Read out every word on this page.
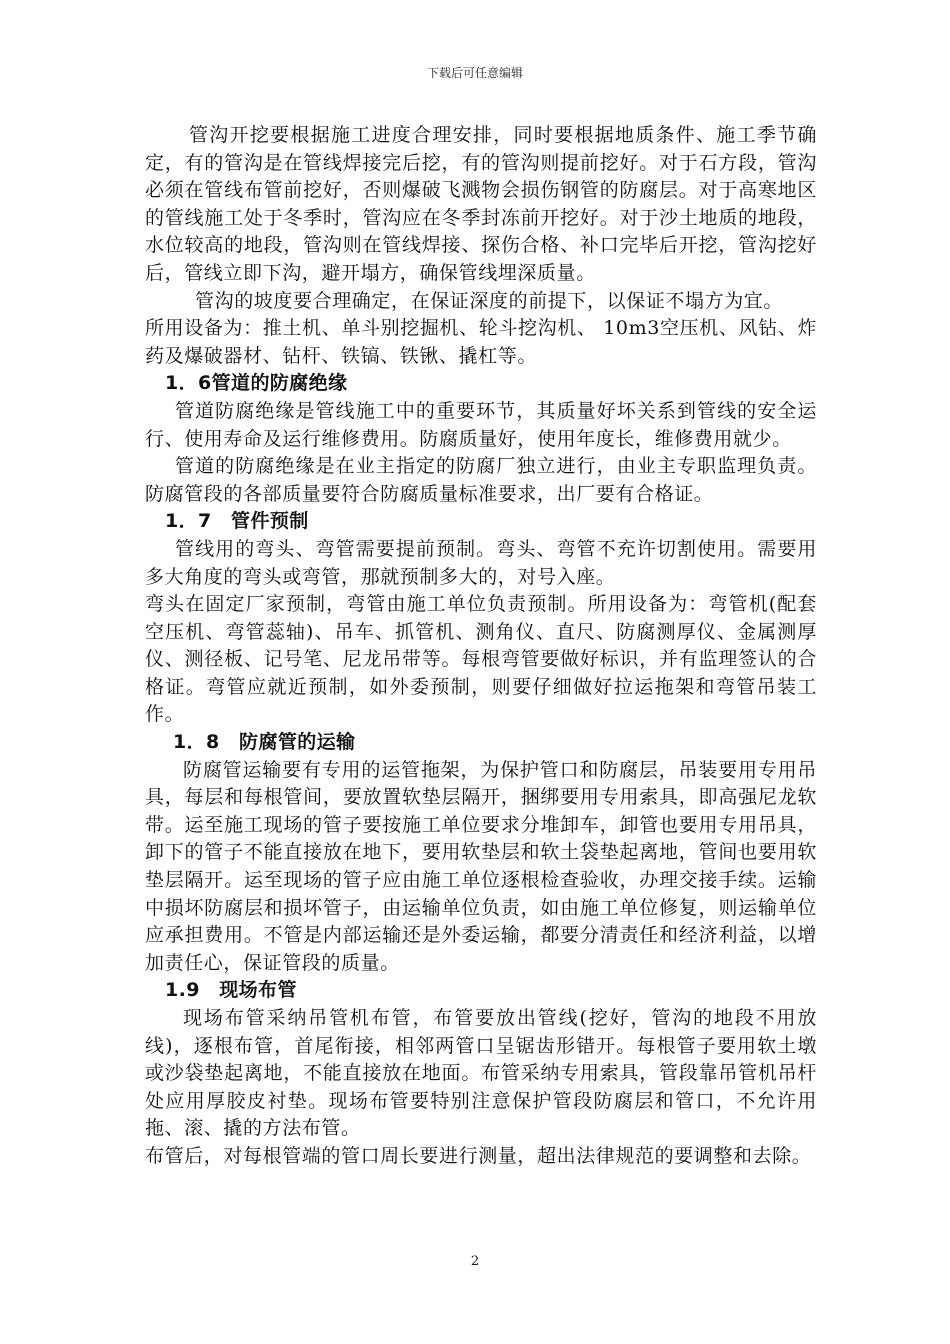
下载后可任意编辑
管沟开挖要根据施工进度合理安排，同时要根据地质条件、施工季节确定，有的管沟是在管线焊接完后挖，有的管沟则提前挖好。对于石方段，管沟必须在管线布管前挖好，否则爆破飞溅物会损伤钢管的防腐层。对于高寒地区的管线施工处于冬季时，管沟应在冬季封冻前开挖好。对于沙土地质的地段，水位较高的地段，管沟则在管线焊接、探伤合格、补口完毕后开挖，管沟挖好后，管线立即下沟，避开塌方，确保管线埋深质量。
管沟的坡度要合理确定，在保证深度的前提下，以保证不塌方为宜。
所用设备为：推土机、单斗别挖掘机、轮斗挖沟机、 10m3空压机、风钻、炸药及爆破器材、钻杆、铁镐、铁锹、撬杠等。
1．6管道的防腐绝缘
管道防腐绝缘是管线施工中的重要环节，其质量好坏关系到管线的安全运行、使用寿命及运行维修费用。防腐质量好，使用年度长，维修费用就少。
管道的防腐绝缘是在业主指定的防腐厂独立进行，由业主专职监理负责。防腐管段的各部质量要符合防腐质量标准要求，出厂要有合格证。
1．7　管件预制
管线用的弯头、弯管需要提前预制。弯头、弯管不充许切割使用。需要用多大角度的弯头或弯管，那就预制多大的，对号入座。
弯头在固定厂家预制，弯管由施工单位负责预制。所用设备为：弯管机(配套空压机、弯管蕊轴)、吊车、抓管机、测角仪、直尺、防腐测厚仪、金属测厚仪、测径板、记号笔、尼龙吊带等。每根弯管要做好标识，并有监理签认的合格证。弯管应就近预制，如外委预制，则要仔细做好拉运拖架和弯管吊装工作。
1．8　防腐管的运输
防腐管运输要有专用的运管拖架，为保护管口和防腐层，吊装要用专用吊具，每层和每根管间，要放置软垫层隔开，捆绑要用专用索具，即高强尼龙软带。运至施工现场的管子要按施工单位要求分堆卸车，卸管也要用专用吊具，卸下的管子不能直接放在地下，要用软垫层和软土袋垫起离地，管间也要用软垫层隔开。运至现场的管子应由施工单位逐根检查验收，办理交接手续。运输中损坏防腐层和损坏管子，由运输单位负责，如由施工单位修复，则运输单位应承担费用。不管是内部运输还是外委运输，都要分清责任和经济利益，以增加责任心，保证管段的质量。
1.9　现场布管
现场布管采纳吊管机布管，布管要放出管线(挖好，管沟的地段不用放线)，逐根布管，首尾衔接，相邻两管口呈锯齿形错开。每根管子要用软土墩或沙袋垫起离地，不能直接放在地面。布管采纳专用索具，管段靠吊管机吊杆处应用厚胶皮衬垫。现场布管要特别注意保护管段防腐层和管口，不允许用拖、滚、撬的方法布管。
布管后，对每根管端的管口周长要进行测量，超出法律规范的要调整和去除。
2
